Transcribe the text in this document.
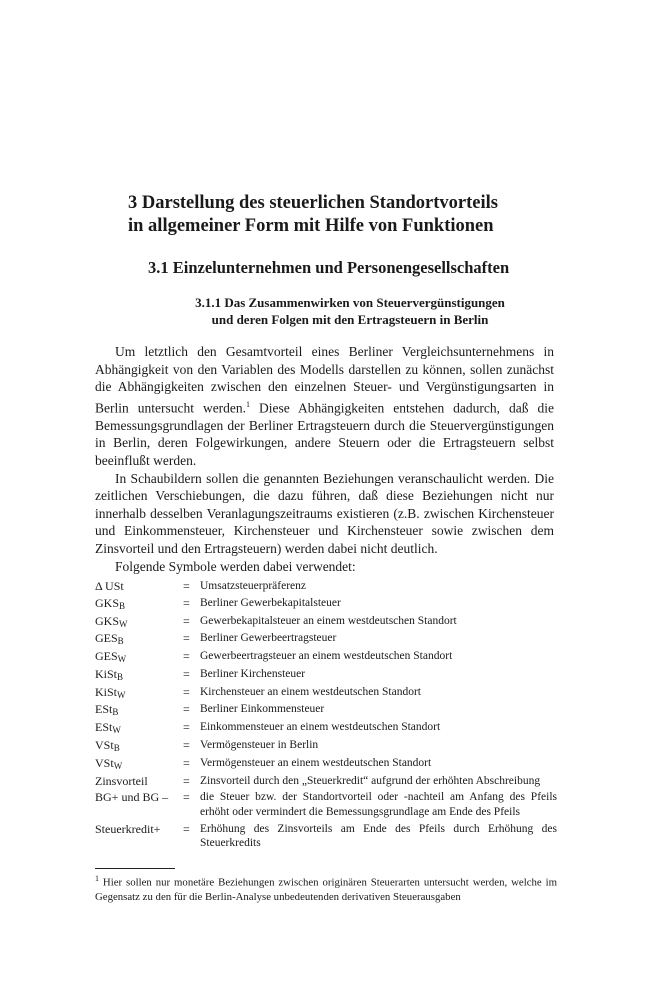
3 Darstellung des steuerlichen Standortvorteils
in allgemeiner Form mit Hilfe von Funktionen
3.1 Einzelunternehmen und Personengesellschaften
3.1.1 Das Zusammenwirken von Steuervergünstigungen
und deren Folgen mit den Ertragsteuern in Berlin

Um letztlich den Gesamtvorteil eines Berliner Vergleichsunternehmens in Abhängigkeit von den Variablen des Modells darstellen zu können, sollen zunächst die Abhängigkeiten zwischen den einzelnen Steuer- und Vergünstigungsarten in Berlin untersucht werden.$^1$ Diese Abhängigkeiten entstehen dadurch, daß die Bemessungsgrundlagen der Berliner Ertragsteuern durch die Steuervergünstigungen in Berlin, deren Folgewirkungen, andere Steuern oder die Ertragsteuern selbst beeinflußt werden.

In Schaubildern sollen die genannten Beziehungen veranschaulicht werden. Die zeitlichen Verschiebungen, die dazu führen, daß diese Beziehungen nicht nur innerhalb desselben Veranlagungszeitraums existieren (z.B. zwischen Kirchensteuer und Einkommensteuer, Kirchensteuer und Kirchensteuer sowie zwischen dem Zinsvorteil und den Ertragsteuern) werden dabei nicht deutlich.

Folgende Symbole werden dabei verwendet:

Δ USt	= Umsatzsteuerpräferenz
GKSB	= Berliner Gewerbekapitalsteuer
GKSW	= Gewerbekapitalsteuer an einem westdeutschen Standort
GESB	= Berliner Gewerbeertragsteuer
GESW	= Gewerbeertragsteuer an einem westdeutschen Standort
KiStB	= Berliner Kirchensteuer
KiStW	= Kirchensteuer an einem westdeutschen Standort
EStB	= Berliner Einkommensteuer
EStW	= Einkommensteuer an einem westdeutschen Standort
VStB	= Vermögensteuer in Berlin
VStW	= Vermögensteuer an einem westdeutschen Standort
Zinsvorteil	= Zinsvorteil durch den „Steuerkredit“ aufgrund der erhöhten Abschreibung
BG+ und BG –	= die Steuer bzw. der Standortvorteil oder -nachteil am Anfang des Pfeils erhöht oder vermindert die Bemessungsgrundlage am Ende des Pfeils
Steuerkredit+	= Erhöhung des Zinsvorteils am Ende des Pfeils durch Erhöhung des Steuerkredits

$^1$ Hier sollen nur monetäre Beziehungen zwischen originären Steuerarten untersucht werden, welche im Gegensatz zu den für die Berlin-Analyse unbedeutenden derivativen Steuerausgaben
